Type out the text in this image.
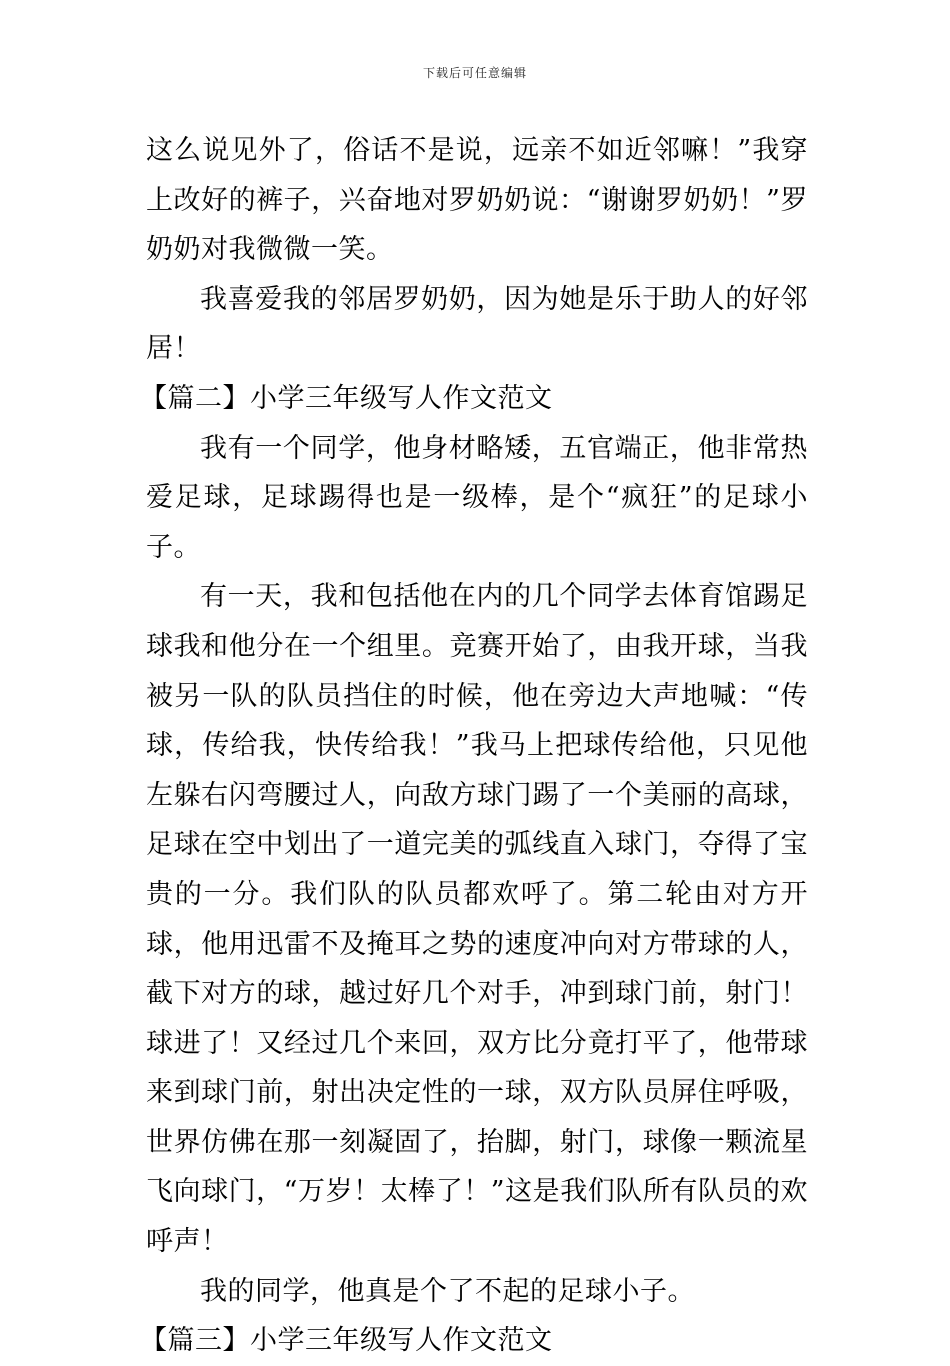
下载后可任意编辑

这么说见外了，俗话不是说，远亲不如近邻嘛！”我穿上改好的裤子，兴奋地对罗奶奶说：“谢谢罗奶奶！”罗奶奶对我微微一笑。

我喜爱我的邻居罗奶奶，因为她是乐于助人的好邻居！

【篇二】小学三年级写人作文范文

我有一个同学，他身材略矮，五官端正，他非常热爱足球，足球踢得也是一级棒，是个“疯狂”的足球小子。

有一天，我和包括他在内的几个同学去体育馆踢足球我和他分在一个组里。竞赛开始了，由我开球，当我被另一队的队员挡住的时候，他在旁边大声地喊：“传球，传给我，快传给我！”我马上把球传给他，只见他左躲右闪弯腰过人，向敌方球门踢了一个美丽的高球，足球在空中划出了一道完美的弧线直入球门，夺得了宝贵的一分。我们队的队员都欢呼了。第二轮由对方开球，他用迅雷不及掩耳之势的速度冲向对方带球的人，截下对方的球，越过好几个对手，冲到球门前，射门！球进了！又经过几个来回，双方比分竟打平了，他带球来到球门前，射出决定性的一球，双方队员屏住呼吸，世界仿佛在那一刻凝固了，抬脚，射门，球像一颗流星飞向球门，“万岁！太棒了！”这是我们队所有队员的欢呼声！

我的同学，他真是个了不起的足球小子。

【篇三】小学三年级写人作文范文
